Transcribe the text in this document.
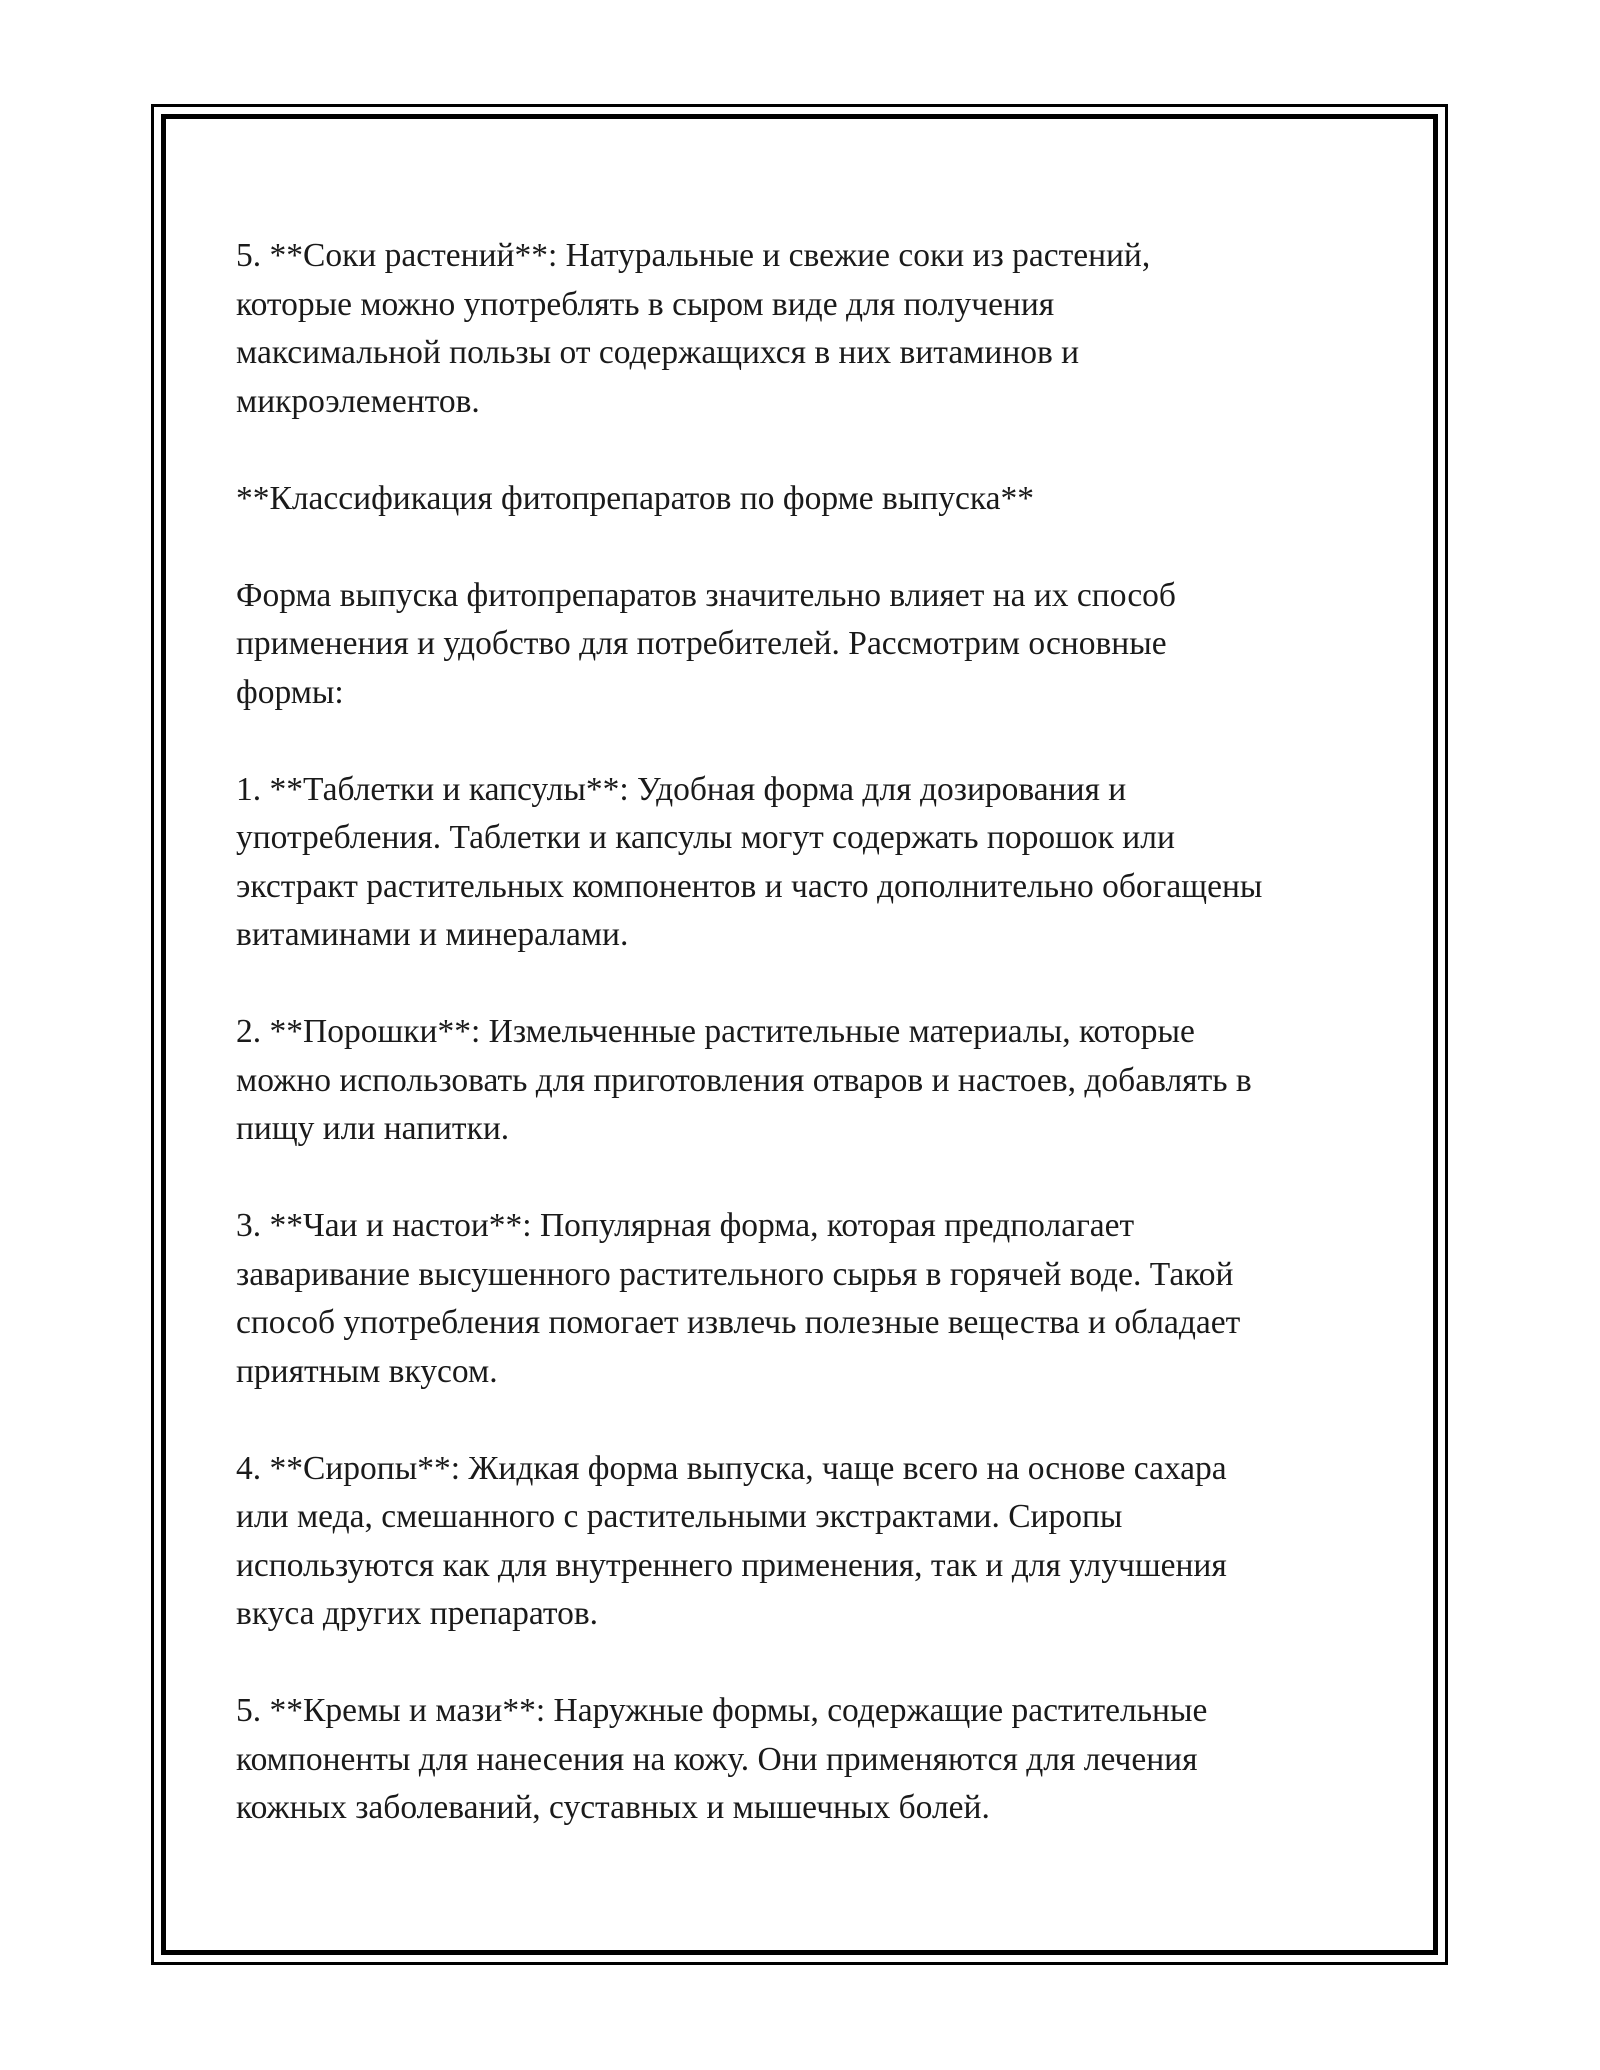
5. **Соки растений**: Натуральные и свежие соки из растений,
которые можно употреблять в сыром виде для получения
максимальной пользы от содержащихся в них витаминов и
микроэлементов.

**Классификация фитопрепаратов по форме выпуска**

Форма выпуска фитопрепаратов значительно влияет на их способ
применения и удобство для потребителей. Рассмотрим основные
формы:

1. **Таблетки и капсулы**: Удобная форма для дозирования и
употребления. Таблетки и капсулы могут содержать порошок или
экстракт растительных компонентов и часто дополнительно обогащены
витаминами и минералами.

2. **Порошки**: Измельченные растительные материалы, которые
можно использовать для приготовления отваров и настоев, добавлять в
пищу или напитки.

3. **Чаи и настои**: Популярная форма, которая предполагает
заваривание высушенного растительного сырья в горячей воде. Такой
способ употребления помогает извлечь полезные вещества и обладает
приятным вкусом.

4. **Сиропы**: Жидкая форма выпуска, чаще всего на основе сахара
или меда, смешанного с растительными экстрактами. Сиропы
используются как для внутреннего применения, так и для улучшения
вкуса других препаратов.

5. **Кремы и мази**: Наружные формы, содержащие растительные
компоненты для нанесения на кожу. Они применяются для лечения
кожных заболеваний, суставных и мышечных болей.
